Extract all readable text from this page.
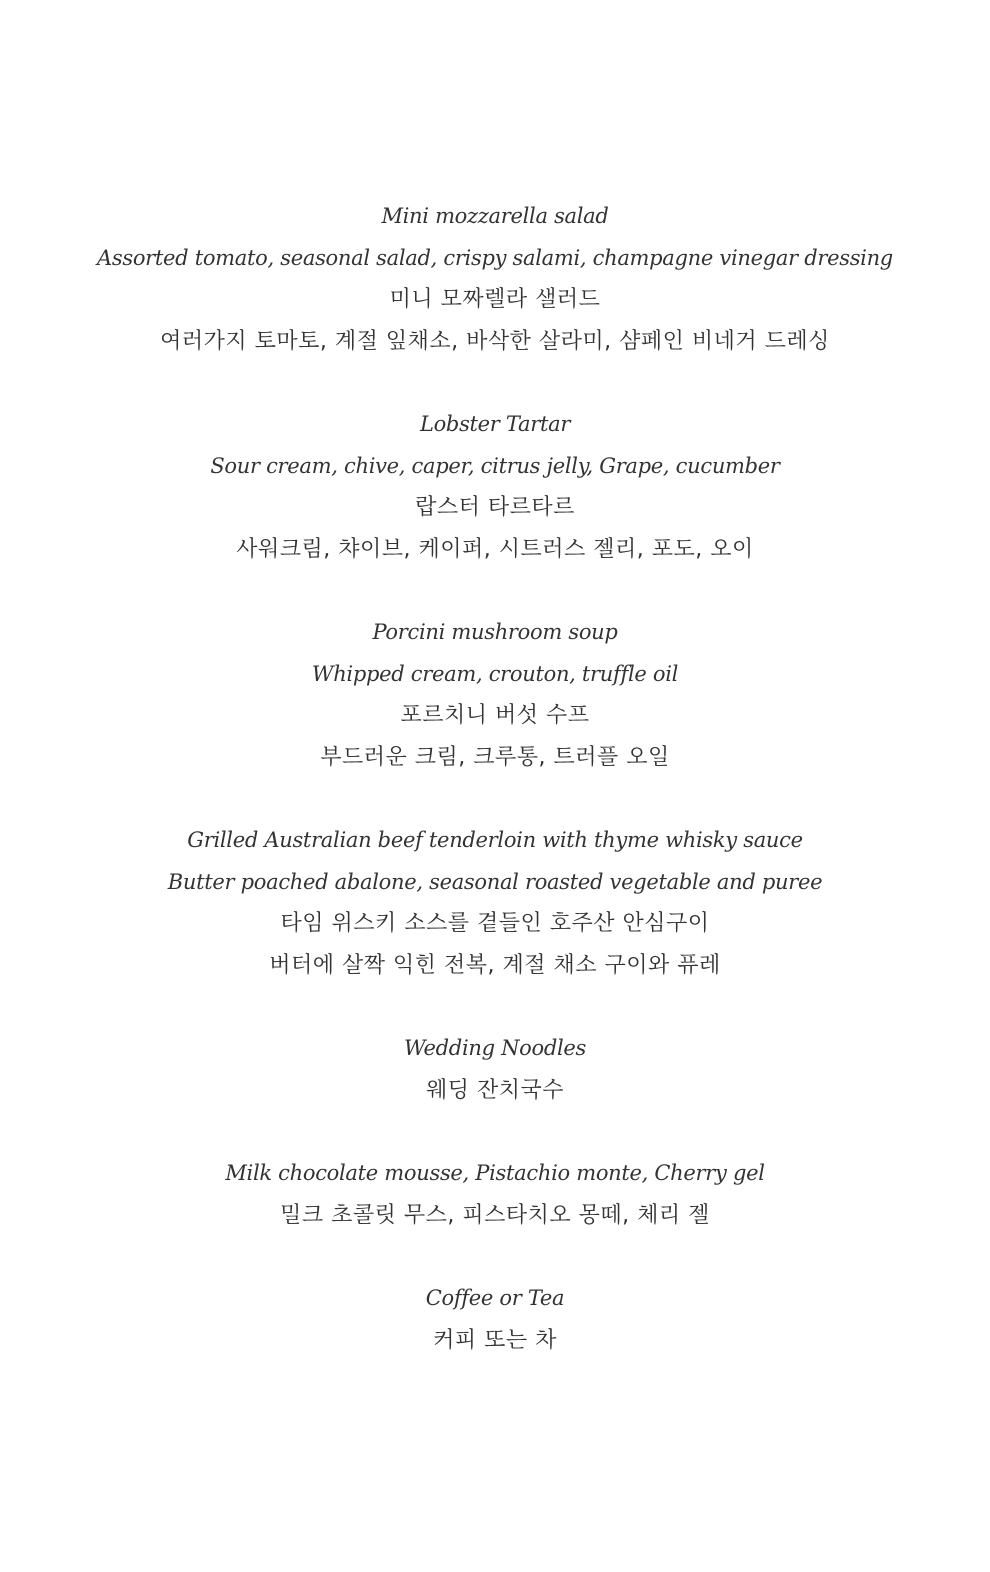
Mini mozzarella salad
Assorted tomato, seasonal salad, crispy salami, champagne vinegar dressing
미니 모짜렐라 샐러드
여러가지 토마토, 계절 잎채소, 바삭한 살라미, 샴페인 비네거 드레싱
Lobster Tartar
Sour cream, chive, caper, citrus jelly, Grape, cucumber
랍스터 타르타르
사워크림, 챠이브, 케이퍼, 시트러스 젤리, 포도, 오이
Porcini mushroom soup
Whipped cream, crouton, truffle oil
포르치니 버섯 수프
부드러운 크림, 크루통, 트러플 오일
Grilled Australian beef tenderloin with thyme whisky sauce
Butter poached abalone, seasonal roasted vegetable and puree
타임 위스키 소스를 곁들인 호주산 안심구이
버터에 살짝 익힌 전복, 계절 채소 구이와 퓨레
Wedding Noodles
웨딩 잔치국수
Milk chocolate mousse, Pistachio monte, Cherry gel
밀크 초콜릿 무스, 피스타치오 몽떼, 체리 젤
Coffee or Tea
커피 또는 차
